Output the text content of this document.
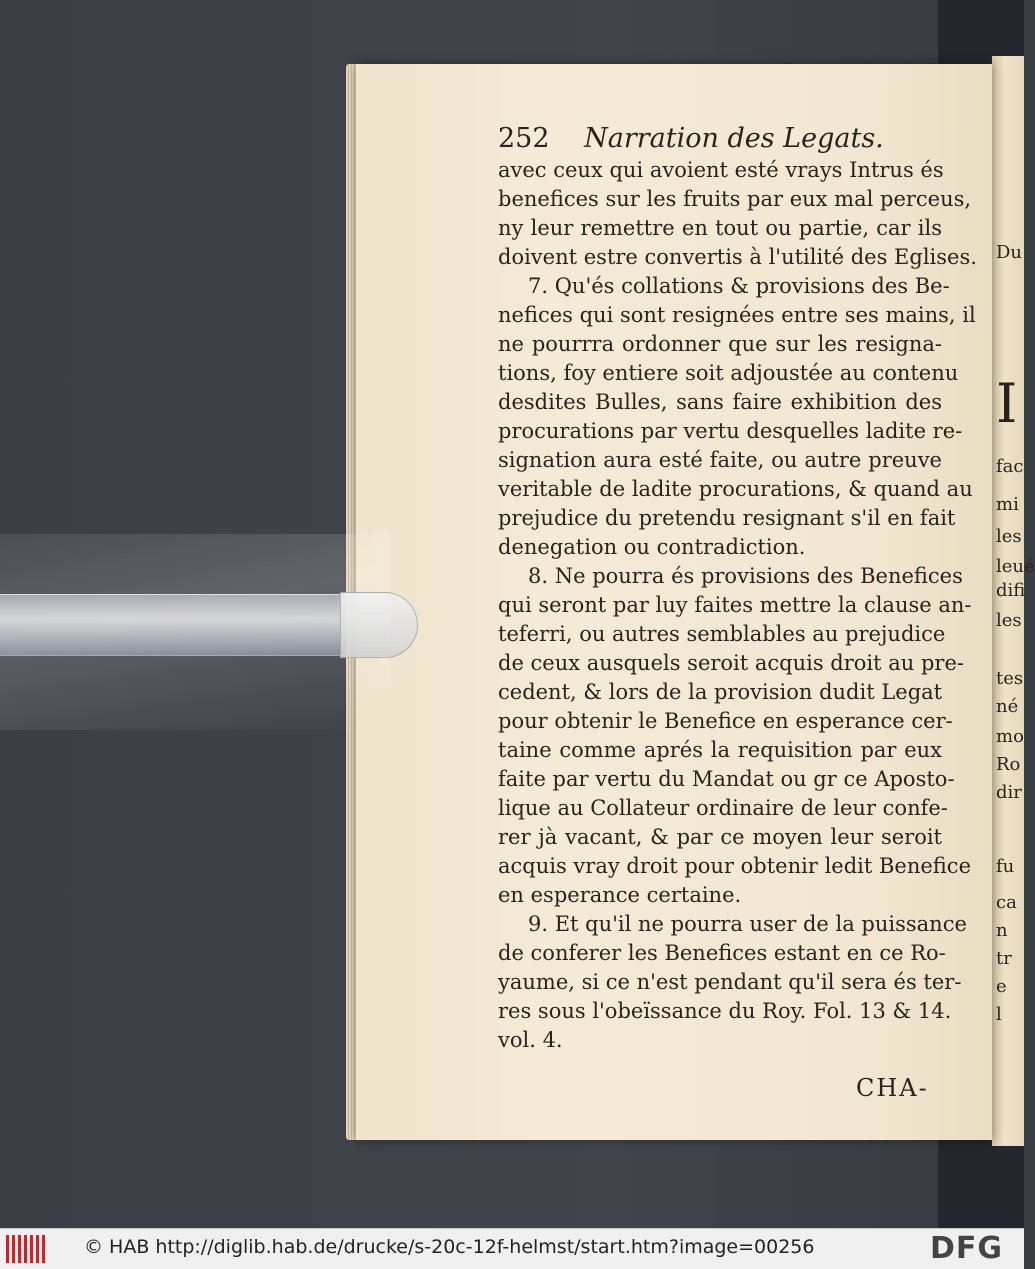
Du
I
fac
mi
les
leué
difi
les
tes
né
mo
Ro
dir
fu
ca
n
tr
e
l
252 Narration des Legats.
avec ceux qui avoient esté vrays Intrus és
benefices sur les fruits par eux mal perceus,
ny leur remettre en tout ou partie, car ils
doivent estre convertis à l'utilité des Eglises.
7. Qu'és collations & provisions des Be-
nefices qui sont resignées entre ses mains, il
ne pourrra ordonner que sur les resigna-
tions, foy entiere soit adjoustée au contenu
desdites Bulles, sans faire exhibition des
procurations par vertu desquelles ladite re-
signation aura esté faite, ou autre preuve
veritable de ladite procurations, & quand au
prejudice du pretendu resignant s'il en fait
denegation ou contradiction.
8. Ne pourra és provisions des Benefices
qui seront par luy faites mettre la clause an-
teferri, ou autres semblables au prejudice
de ceux ausquels seroit acquis droit au pre-
cedent, & lors de la provision dudit Legat
pour obtenir le Benefice en esperance cer-
taine comme aprés la requisition par eux
faite par vertu du Mandat ou gr ce Aposto-
lique au Collateur ordinaire de leur confe-
rer jà vacant, & par ce moyen leur seroit
acquis vray droit pour obtenir ledit Benefice
en esperance certaine.
9. Et qu'il ne pourra user de la puissance
de conferer les Benefices estant en ce Ro-
yaume, si ce n'est pendant qu'il sera és ter-
res sous l'obeïssance du Roy. Fol. 13 & 14.
vol. 4.
CHA-
© HAB http://diglib.hab.de/drucke/s-20c-12f-helmst/start.htm?image=00256	DFG
